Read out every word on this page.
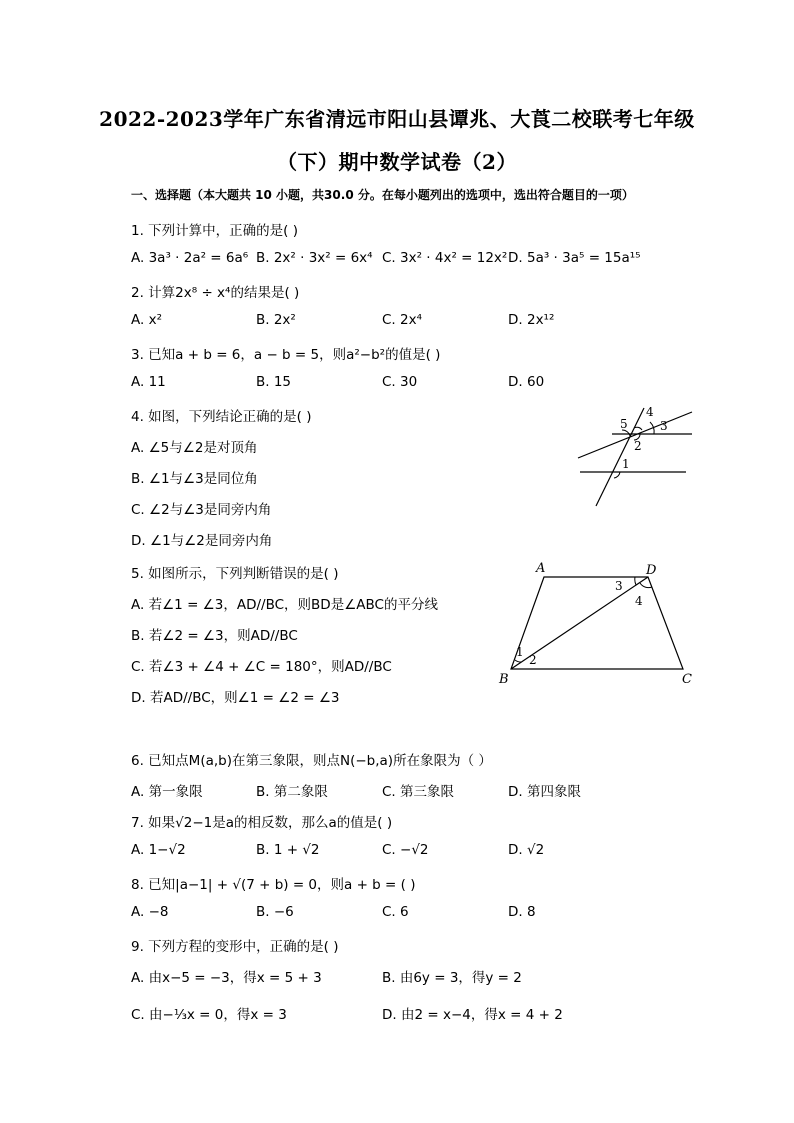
2022-2023学年广东省清远市阳山县谭兆、大莨二校联考七年级
（下）期中数学试卷（2）
一、选择题（本大题共 10 小题，共30.0 分。在每小题列出的选项中，选出符合题目的一项）
1. 下列计算中，正确的是( )
A. 3a³ · 2a² = 6a⁶ B. 2x² · 3x² = 6x⁴ C. 3x² · 4x² = 12x² D. 5a³ · 3a⁵ = 15a¹⁵
2. 计算2x⁸ ÷ x⁴的结果是( )
A. x²	B. 2x²	C. 2x⁴	D. 2x¹²
3. 已知a + b = 6，a − b = 5，则a²−b²的值是( )
A. 11	B. 15	C. 30	D. 60
4. 如图，下列结论正确的是( )
A. ∠5与∠2是对顶角
B. ∠1与∠3是同位角
C. ∠2与∠3是同旁内角
D. ∠1与∠2是同旁内角
5
4
3
2
1
5. 如图所示，下列判断错误的是( )
A. 若∠1 = ∠3，AD//BC，则BD是∠ABC的平分线
B. 若∠2 = ∠3，则AD//BC
C. 若∠3 + ∠4 + ∠C = 180°，则AD//BC
D. 若AD//BC，则∠1 = ∠2 = ∠3
A	D
B	C
1
2
3
4
6. 已知点M(a,b)在第三象限，则点N(−b,a)所在象限为（ ）
A. 第一象限	B. 第二象限	C. 第三象限	D. 第四象限
7. 如果√2−1是a的相反数，那么a的值是( )
A. 1−√2	B. 1 + √2	C. −√2	D. √2
8. 已知|a−1| + √(7 + b) = 0，则a + b = ( )
A. −8	B. −6	C. 6	D. 8
9. 下列方程的变形中，正确的是( )
A. 由x−5 = −3，得x = 5 + 3	B. 由6y = 3，得y = 2
C. 由−⅓x = 0，得x = 3	D. 由2 = x−4，得x = 4 + 2
